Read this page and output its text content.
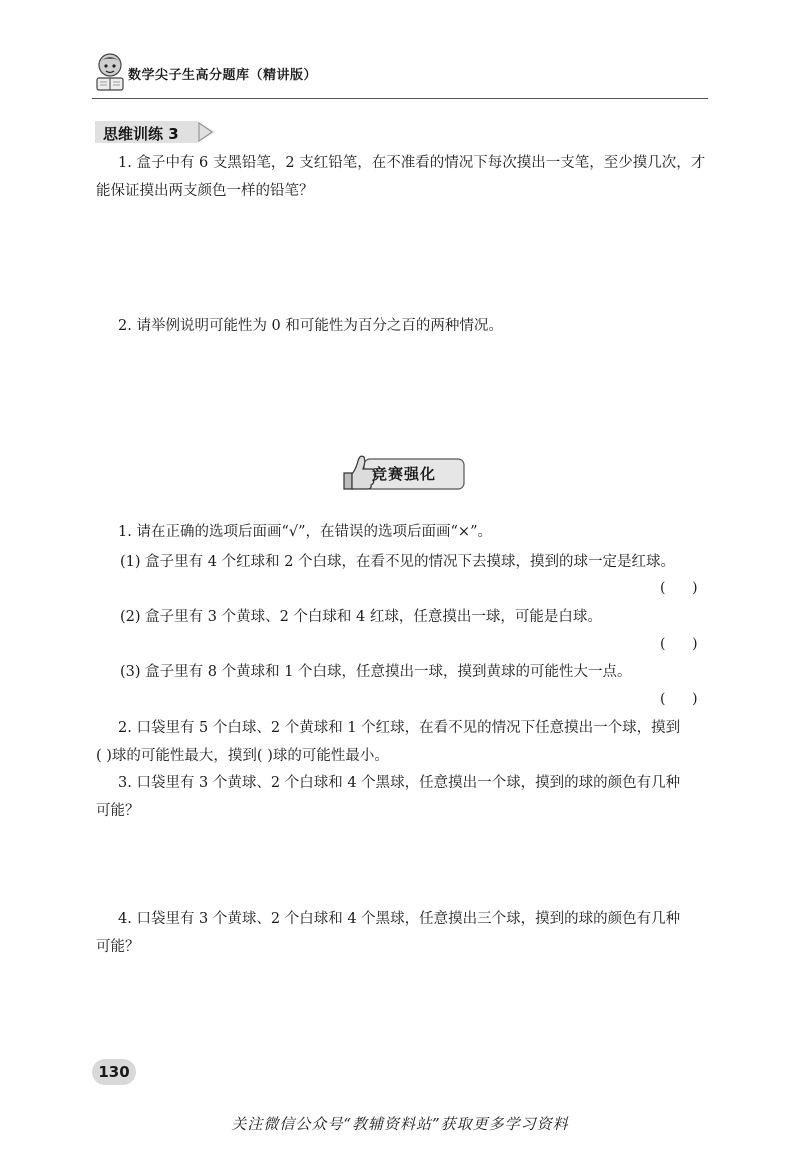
数学尖子生高分题库（精讲版）
思维训练 3
1. 盒子中有 6 支黑铅笔，2 支红铅笔，在不准看的情况下每次摸出一支笔，至少摸几次，才
能保证摸出两支颜色一样的铅笔？
2. 请举例说明可能性为 0 和可能性为百分之百的两种情况。
竞赛强化
1. 请在正确的选项后面画“√”，在错误的选项后面画“×”。
(1) 盒子里有 4 个红球和 2 个白球，在看不见的情况下去摸球，摸到的球一定是红球。
(      )
(2) 盒子里有 3 个黄球、2 个白球和 4 红球，任意摸出一球，可能是白球。
(      )
(3) 盒子里有 8 个黄球和 1 个白球，任意摸出一球，摸到黄球的可能性大一点。
(      )
2. 口袋里有 5 个白球、2 个黄球和 1 个红球，在看不见的情况下任意摸出一个球，摸到
( )球的可能性最大，摸到( )球的可能性最小。
3. 口袋里有 3 个黄球、2 个白球和 4 个黑球，任意摸出一个球，摸到的球的颜色有几种
可能？
4. 口袋里有 3 个黄球、2 个白球和 4 个黑球，任意摸出三个球，摸到的球的颜色有几种
可能？
130
关注微信公众号“教辅资料站”获取更多学习资料
